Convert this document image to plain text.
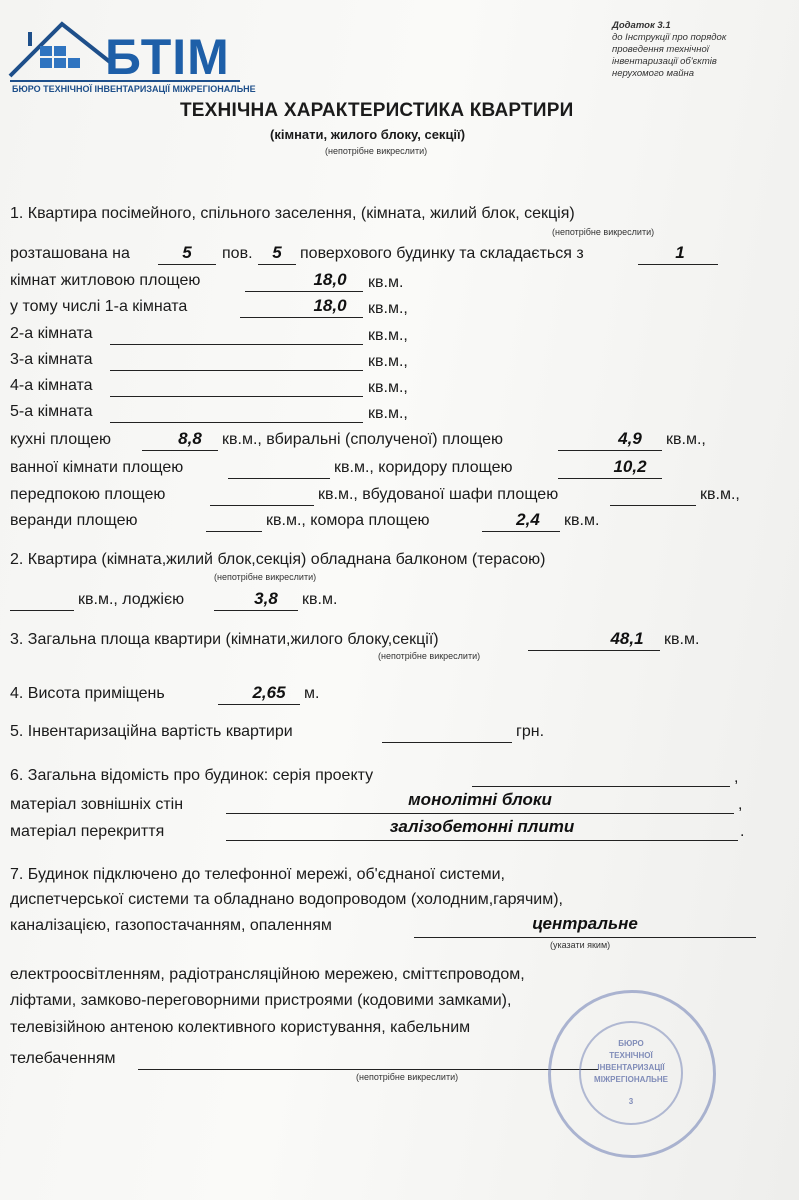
БТІМ
БЮРО ТЕХНІЧНОЇ ІНВЕНТАРИЗАЦІЇ МІЖРЕГІОНАЛЬНЕ
Додаток 3.1
до Інструкції про порядок
проведення технічної
інвентаризації об'єктів
нерухомого майна
ТЕХНІЧНА ХАРАКТЕРИСТИКА КВАРТИРИ
(кімнати, жилого блоку, секції)
(непотрібне викреслити)
1. Квартира посімейного, спільного заселення, (кімната, жилий блок, секція)
(непотрібне викреслити)
розташована на	5	пов.	5	поверхового будинку та складається з	1
кімнат житловою площею	18,0	кв.м.
у тому числі 1-а кімната	18,0	кв.м.,
2-а кімната	кв.м.,
3-а кімната	кв.м.,
4-а кімната	кв.м.,
5-а кімната	кв.м.,
кухні площею	8,8	кв.м., вбиральні (сполученої) площею	4,9	кв.м.,
ванної кімнати площею	кв.м., коридору площею	10,2
передпокою площею	кв.м., вбудованої шафи площею	кв.м.,
веранди площею	кв.м., комора площею	2,4	кв.м.
2. Квартира (кімната,жилий блок,секція) обладнана балконом (терасою)
(непотрібне викреслити)
кв.м., лоджією	3,8	кв.м.
3. Загальна площа квартири (кімнати,жилого блоку,секції)	48,1	кв.м.
(непотрібне викреслити)
4. Висота приміщень	2,65	м.
5. Інвентаризаційна вартість квартири	грн.
6. Загальна відомість про будинок: серія проекту	,
матеріал зовнішніх стін	монолітні блоки	,
матеріал перекриття	залізобетонні плити	.
7. Будинок підключено до телефонної мережі, об'єднаної системи,
диспетчерської системи та обладнано водопроводом (холодним,гарячим),
каналізацією, газопостачанням, опаленням	центральне
(указати яким)
електроосвітленням, радіотрансляційною мережею, сміттєпроводом,
ліфтами, замково-переговорними пристроями (кодовими замками),
телевізійною антеною колективного користування, кабельним
телебаченням
(непотрібне викреслити)
БЮРО
ТЕХНІЧНОЇ
ІНВЕНТАРИЗАЦІЇ
МІЖРЕГІОНАЛЬНЕ
3
